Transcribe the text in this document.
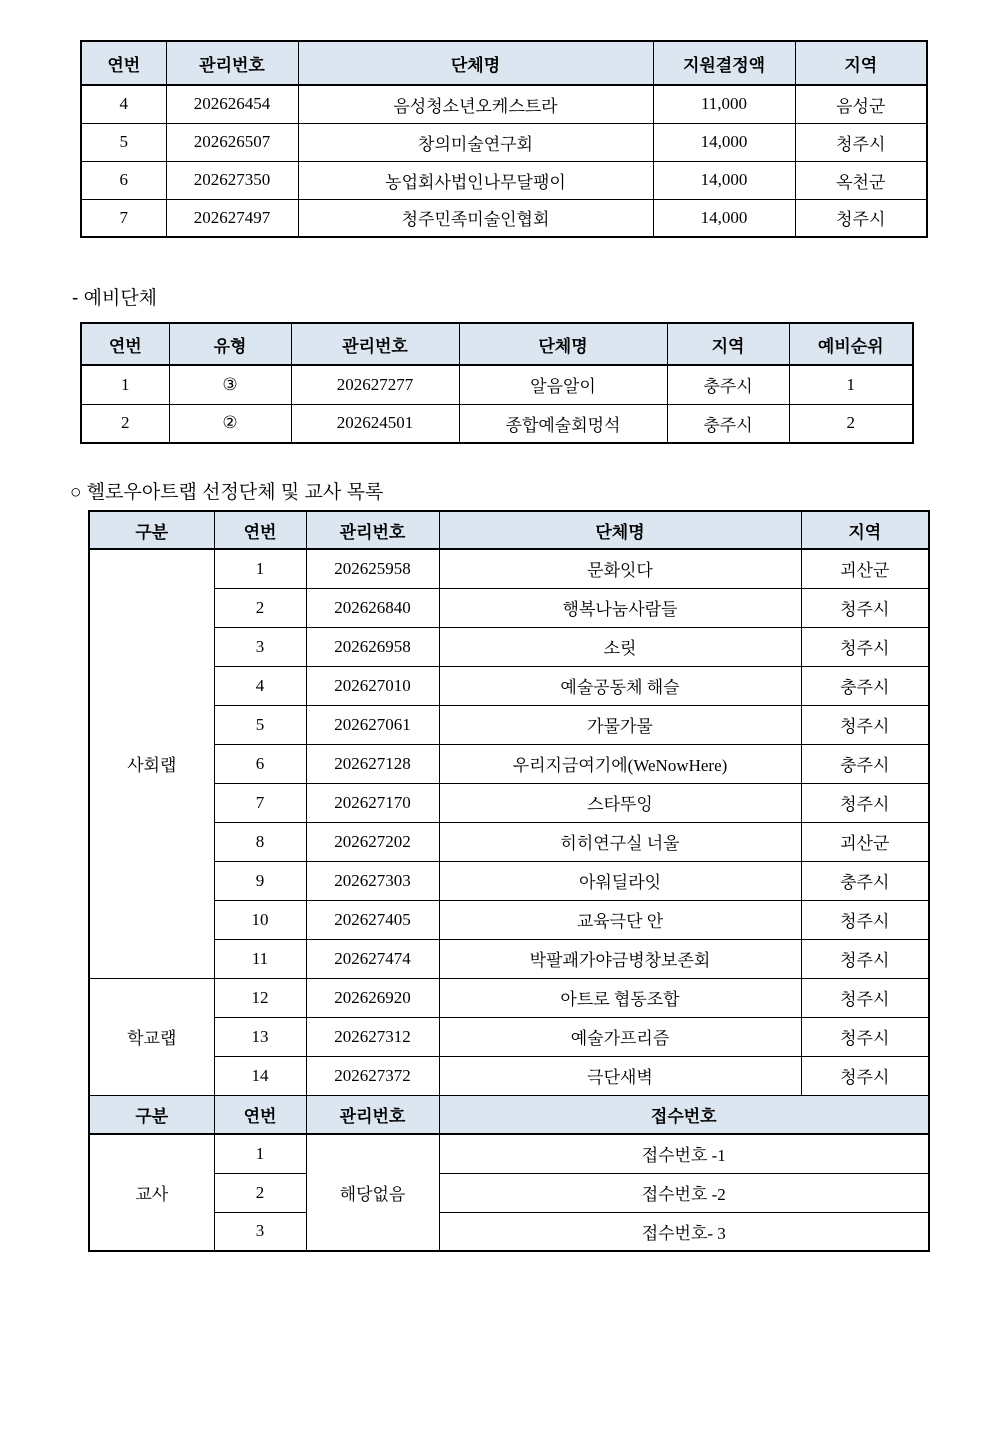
연번	관리번호	단체명	지원결정액	지역
4	202626454	음성청소년오케스트라	11,000	음성군
5	202626507	창의미술연구회	14,000	청주시
6	202627350	농업회사법인나무달팽이	14,000	옥천군
7	202627497	청주민족미술인협회	14,000	청주시
- 예비단체
연번	유형	관리번호	단체명	지역	예비순위
1	③	202627277	알음알이	충주시	1
2	②	202624501	종합예술회멍석	충주시	2
○ 헬로우아트랩 선정단체 및 교사 목록
구분	연번	관리번호	단체명	지역
사회랩	1	202625958	문화잇다	괴산군
	2	202626840	행복나눔사람들	청주시
	3	202626958	소릿	청주시
	4	202627010	예술공동체 해슬	충주시
	5	202627061	가물가물	청주시
	6	202627128	우리지금여기에(WeNowHere)	충주시
	7	202627170	스타뚜잉	청주시
	8	202627202	히히연구실 너울	괴산군
	9	202627303	아워딜라잇	충주시
	10	202627405	교육극단 안	청주시
	11	202627474	박팔괘가야금병창보존회	청주시
학교랩	12	202626920	아트로 협동조합	청주시
	13	202627312	예술가프리즘	청주시
	14	202627372	극단새벽	청주시
구분	연번	관리번호	접수번호	
교사	1	해당없음	접수번호 -1	
	2		접수번호 -2	
	3		접수번호- 3	
